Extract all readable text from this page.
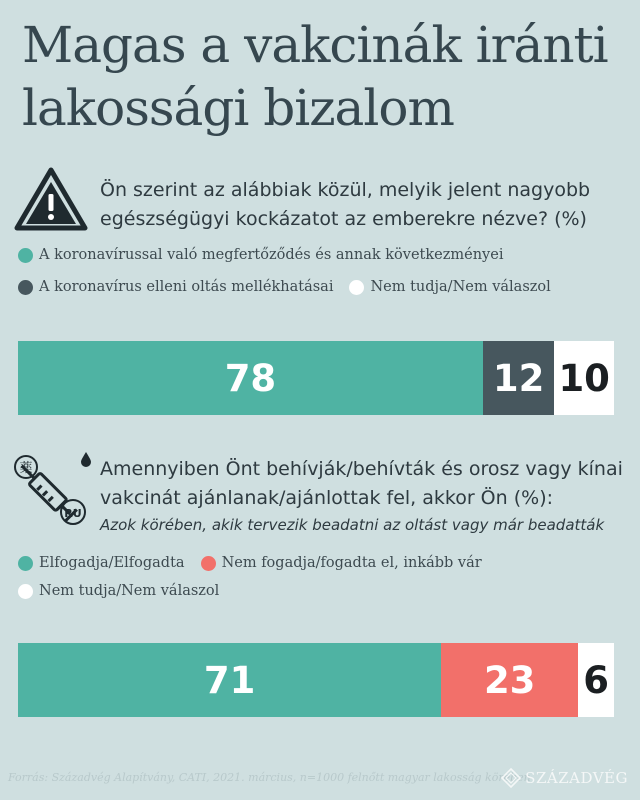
Magas a vakcinák iránti lakossági bizalom
Ön szerint az alábbiak közül, melyik jelent nagyobb egészségügyi kockázatot az emberekre nézve? (%)
A koronavírussal való megfertőződés és annak következményei
A koronavírus elleni oltás mellékhatásai	Nem tudja/Nem válaszol
78	12 10
薬
RU
Amennyiben Önt behívják/behívták és orosz vagy kínai vakcinát ajánlanak/ajánlottak fel, akkor Ön (%):
Azok körében, akik tervezik beadatni az oltást vagy már beadatták
Elfogadja/Elfogadta	Nem fogadja/fogadta el, inkább vár
Nem tudja/Nem válaszol
71	23 6
Forrás: Századvég Alapítvány, CATI, 2021. március, n=1000 felnőtt magyar lakosság körében
SZÁZADVÉG
